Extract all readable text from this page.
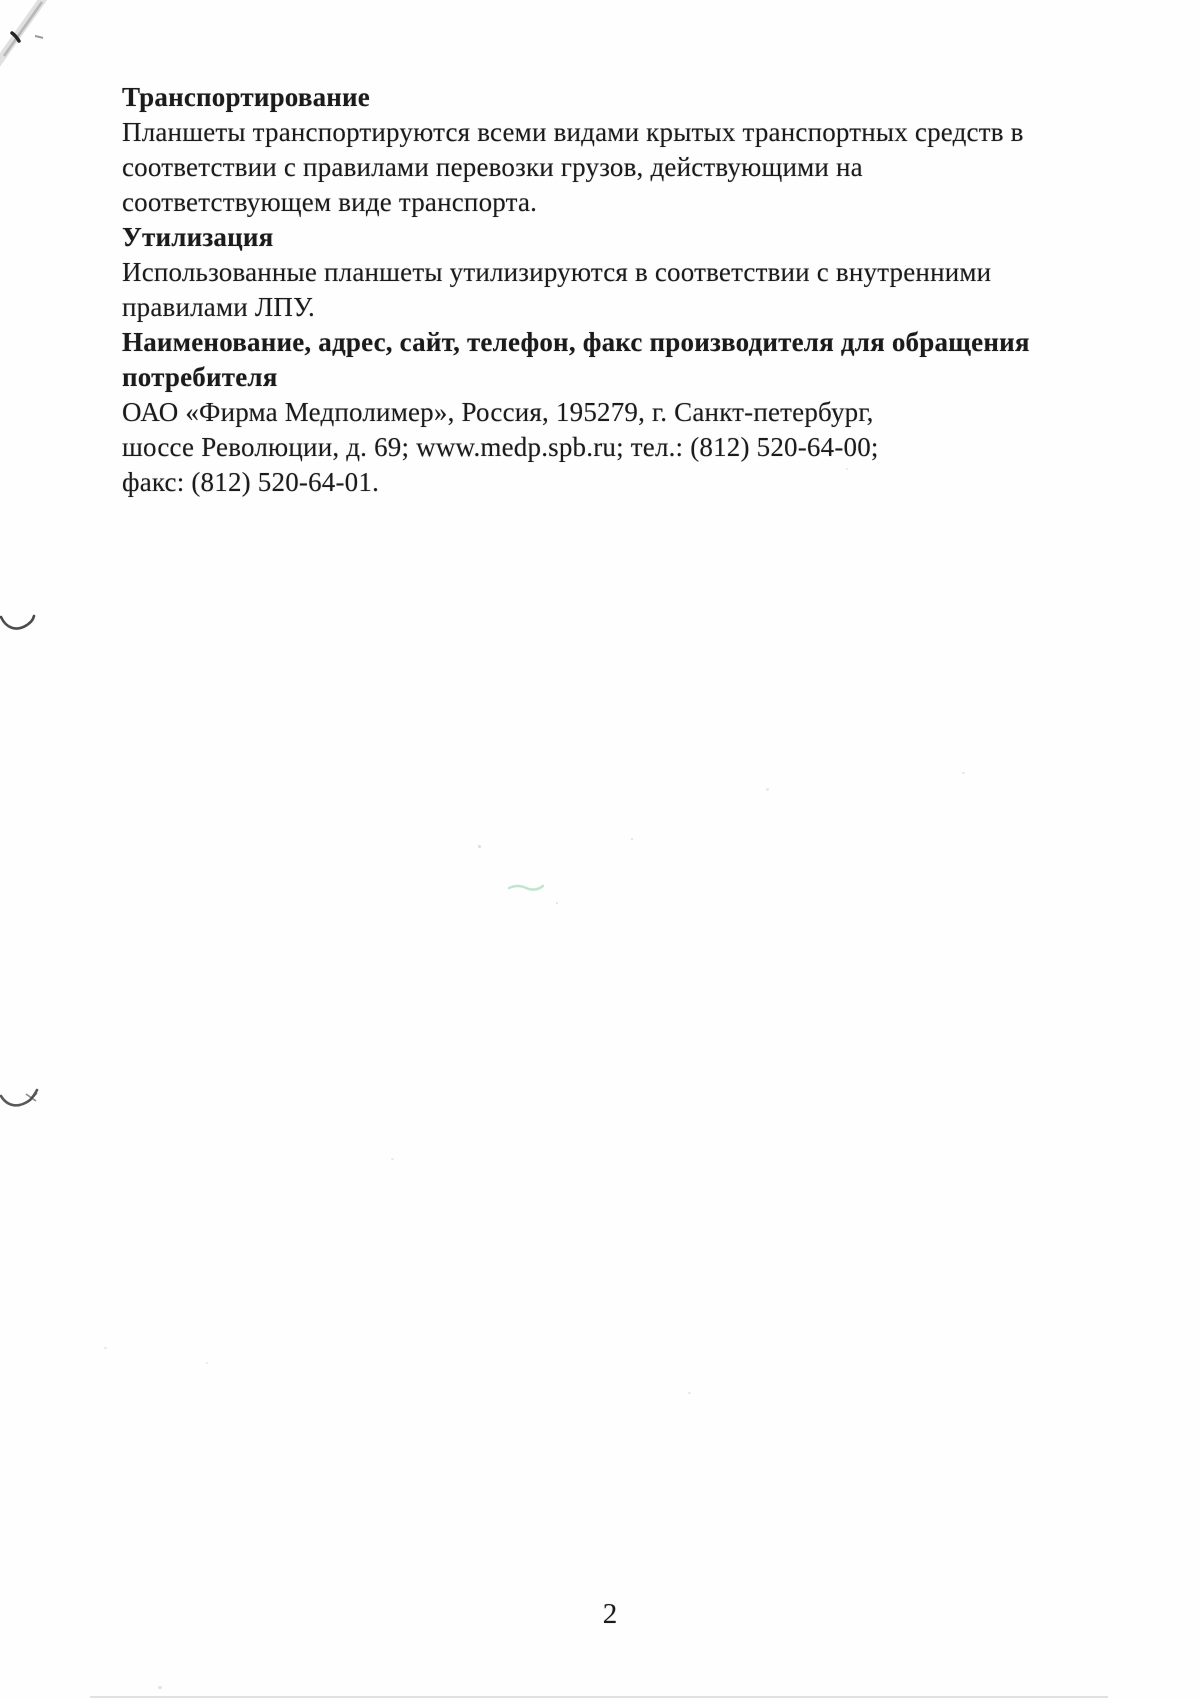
Транспортирование

Планшеты транспортируются всеми видами крытых транспортных средств в

соответствии с правилами перевозки грузов, действующими на

соответствующем виде транспорта.

Утилизация

Использованные планшеты утилизируются в соответствии с внутренними

правилами ЛПУ.

Наименование, адрес, сайт, телефон, факс производителя для обращения

потребителя

ОАО «Фирма Медполимер», Россия, 195279, г. Санкт-петербург,

шоссе Революции, д. 69; www.medp.spb.ru; тел.: (812) 520-64-00;

факс: (812) 520-64-01.

2
